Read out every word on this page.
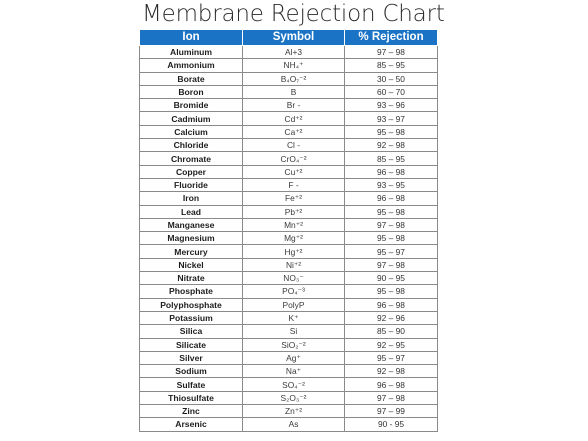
Membrane Rejection Chart
Ion	Symbol	% Rejection
Aluminum	Al+3	97 – 98
Ammonium	NH₄⁺	85 – 95
Borate	B₄O₇⁻²	30 – 50
Boron	B	60 – 70
Bromide	Br -	93 – 96
Cadmium	Cd⁺²	93 – 97
Calcium	Ca⁺²	95 – 98
Chloride	Cl -	92 – 98
Chromate	CrO₄⁻²	85 – 95
Copper	Cu⁺²	96 – 98
Fluoride	F -	93 – 95
Iron	Fe⁺²	96 – 98
Lead	Pb⁺²	95 – 98
Manganese	Mn⁺²	97 – 98
Magnesium	Mg⁺²	95 – 98
Mercury	Hg⁺²	95 – 97
Nickel	Ni⁺²	97 – 98
Nitrate	NO₃⁻	90 – 95
Phosphate	PO₄⁻³	95 – 98
Polyphosphate	PolyP	96 – 98
Potassium	K⁺	92 – 96
Silica	Si	85 – 90
Silicate	SiO₂⁻²	92 – 95
Silver	Ag⁺	95 – 97
Sodium	Na⁺	92 – 98
Sulfate	SO₄⁻²	96 – 98
Thiosulfate	S₂O₃⁻²	97 – 98
Zinc	Zn⁺²	97 – 99
Arsenic	As	90 - 95
